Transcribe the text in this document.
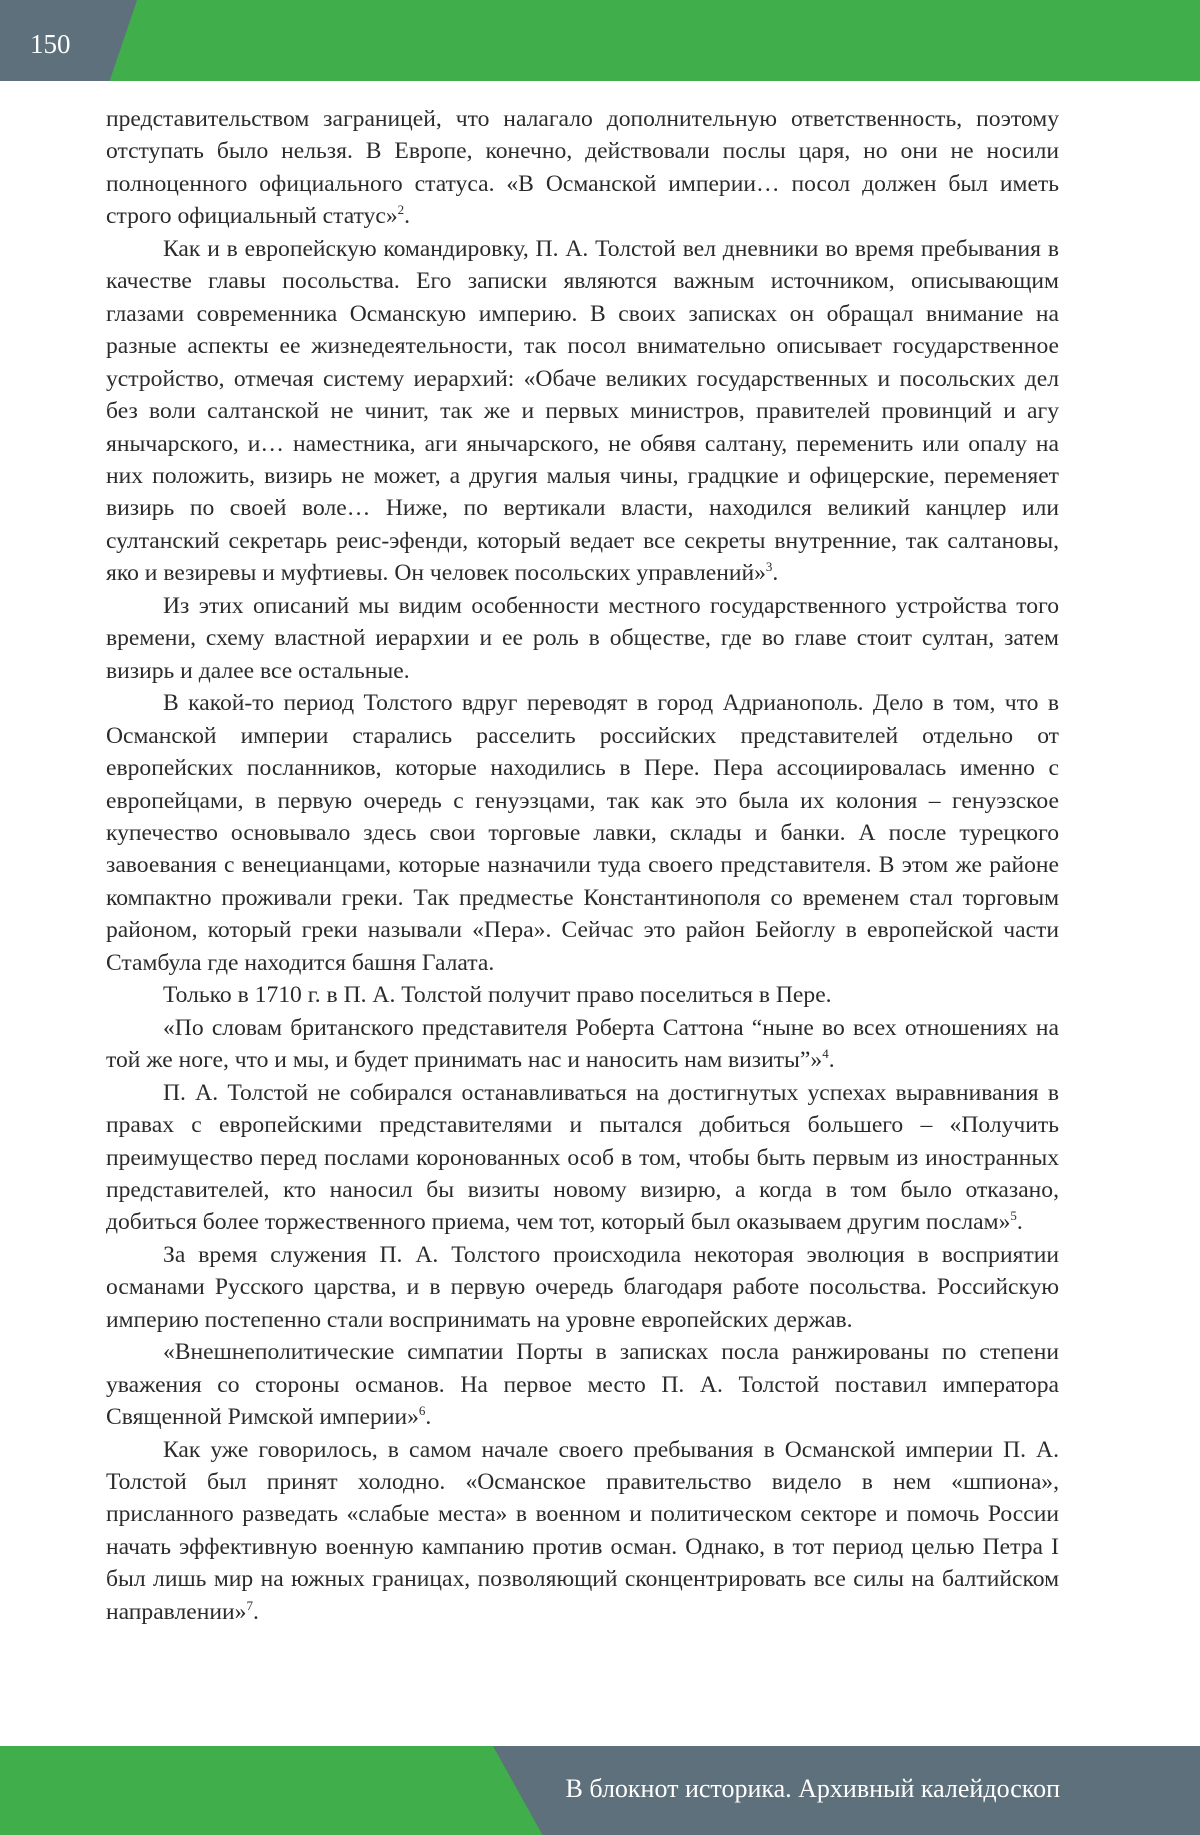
150

представительством заграницей, что налагало дополнительную ответственность, поэтому отступать было нельзя. В Европе, конечно, действовали послы царя, но они не носили полноценного официального статуса. «В Османской империи… посол должен был иметь строго официальный статус»$^2$.

Как и в европейскую командировку, П. А. Толстой вел дневники во время пребывания в качестве главы посольства. Его записки являются важным источником, описывающим глазами современника Османскую империю. В своих записках он обращал внимание на разные аспекты ее жизнедеятельности, так посол внимательно описывает государственное устройство, отмечая систему иерархий: «Обаче великих государственных и посольских дел без воли салтанской не чинит, так же и первых министров, правителей провинций и агу янычарского, и… наместника, аги янычарского, не обявя салтану, переменить или опалу на них положить, визирь не может, а другия малыя чины, градцкие и офицерские, переменяет визирь по своей воле… Ниже, по вертикали власти, находился великий канцлер или султанский секретарь реис-эфенди, который ведает все секреты внутренние, так салтановы, яко и везиревы и муфтиевы. Он человек посольских управлений»$^3$.

Из этих описаний мы видим особенности местного государственного устройства того времени, схему властной иерархии и ее роль в обществе, где во главе стоит султан, затем визирь и далее все остальные.

В какой-то период Толстого вдруг переводят в город Адрианополь. Дело в том, что в Османской империи старались расселить российских представителей отдельно от европейских посланников, которые находились в Пере. Пера ассоциировалась именно с европейцами, в первую очередь с генуэзцами, так как это была их колония – генуэзское купечество основывало здесь свои торговые лавки, склады и банки. А после турецкого завоевания с венецианцами, которые назначили туда своего представителя. В этом же районе компактно проживали греки. Так предместье Константинополя со временем стал торговым районом, который греки называли «Пера». Сейчас это район Бейоглу в европейской части Стамбула где находится башня Галата.

Только в 1710 г. в П. А. Толстой получит право поселиться в Пере.

«По словам британского представителя Роберта Саттона “ныне во всех отношениях на той же ноге, что и мы, и будет принимать нас и наносить нам визиты”»$^4$.

П. А. Толстой не собирался останавливаться на достигнутых успехах выравнивания в правах с европейскими представителями и пытался добиться большего – «Получить преимущество перед послами коронованных особ в том, чтобы быть первым из иностранных представителей, кто наносил бы визиты новому визирю, а когда в том было отказано, добиться более торжественного приема, чем тот, который был оказываем другим послам»$^5$.

За время служения П. А. Толстого происходила некоторая эволюция в восприятии османами Русского царства, и в первую очередь благодаря работе посольства. Российскую империю постепенно стали воспринимать на уровне европейских держав.

«Внешнеполитические симпатии Порты в записках посла ранжированы по степени уважения со стороны османов. На первое место П. А. Толстой поставил императора Священной Римской империи»$^6$.

Как уже говорилось, в самом начале своего пребывания в Османской империи П. А. Толстой был принят холодно. «Османское правительство видело в нем «шпиона», присланного разведать «слабые места» в военном и политическом секторе и помочь России начать эффективную военную кампанию против осман. Однако, в тот период целью Петра I был лишь мир на южных границах, позволяющий сконцентрировать все силы на балтийском направлении»$^7$.

В блокнот историка. Архивный калейдоскоп
